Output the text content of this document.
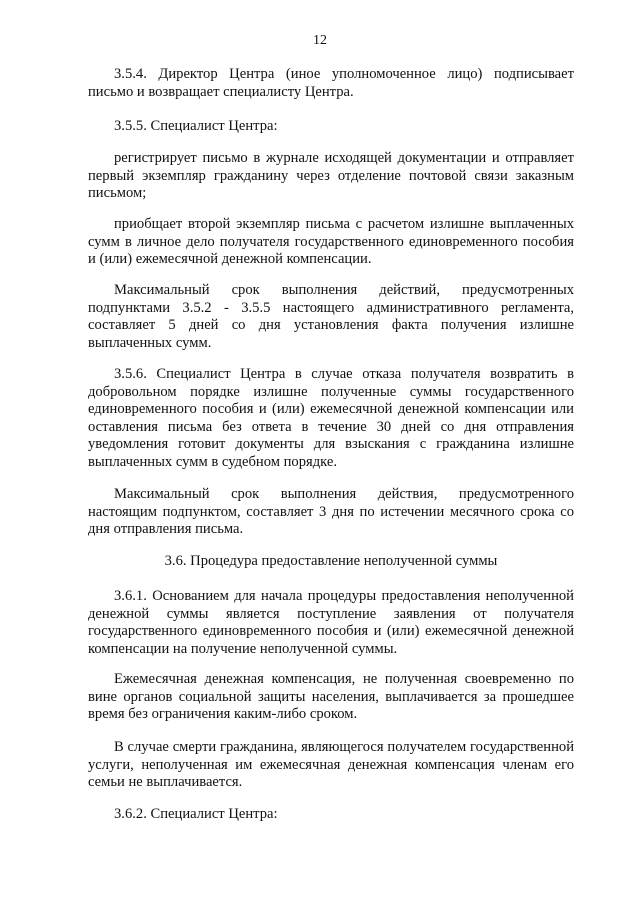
12

3.5.4. Директор Центра (иное уполномоченное лицо) подписывает письмо и возвращает специалисту Центра.

3.5.5. Специалист Центра:

регистрирует письмо в журнале исходящей документации и отправляет первый экземпляр гражданину через отделение почтовой связи заказным письмом;

приобщает второй экземпляр письма с расчетом излишне выплаченных сумм в личное дело получателя государственного единовременного пособия и (или) ежемесячной денежной компенсации.

Максимальный срок выполнения действий, предусмотренных подпунктами 3.5.2 - 3.5.5 настоящего административного регламента, составляет 5 дней со дня установления факта получения излишне выплаченных сумм.

3.5.6. Специалист Центра в случае отказа получателя возвратить в добровольном порядке излишне полученные суммы государственного единовременного пособия и (или) ежемесячной денежной компенсации или оставления письма без ответа в течение 30 дней со дня отправления уведомления готовит документы для взыскания с гражданина излишне выплаченных сумм в судебном порядке.

Максимальный срок выполнения действия, предусмотренного настоящим подпунктом, составляет 3 дня по истечении месячного срока со дня отправления письма.

3.6. Процедура предоставление неполученной суммы

3.6.1. Основанием для начала процедуры предоставления неполученной денежной суммы является поступление заявления от получателя государственного единовременного пособия и (или) ежемесячной денежной компенсации на получение неполученной суммы.

Ежемесячная денежная компенсация, не полученная своевременно по вине органов социальной защиты населения, выплачивается за прошедшее время без ограничения каким-либо сроком.

В случае смерти гражданина, являющегося получателем государственной услуги, неполученная им ежемесячная денежная компенсация членам его семьи не выплачивается.

3.6.2. Специалист Центра:
